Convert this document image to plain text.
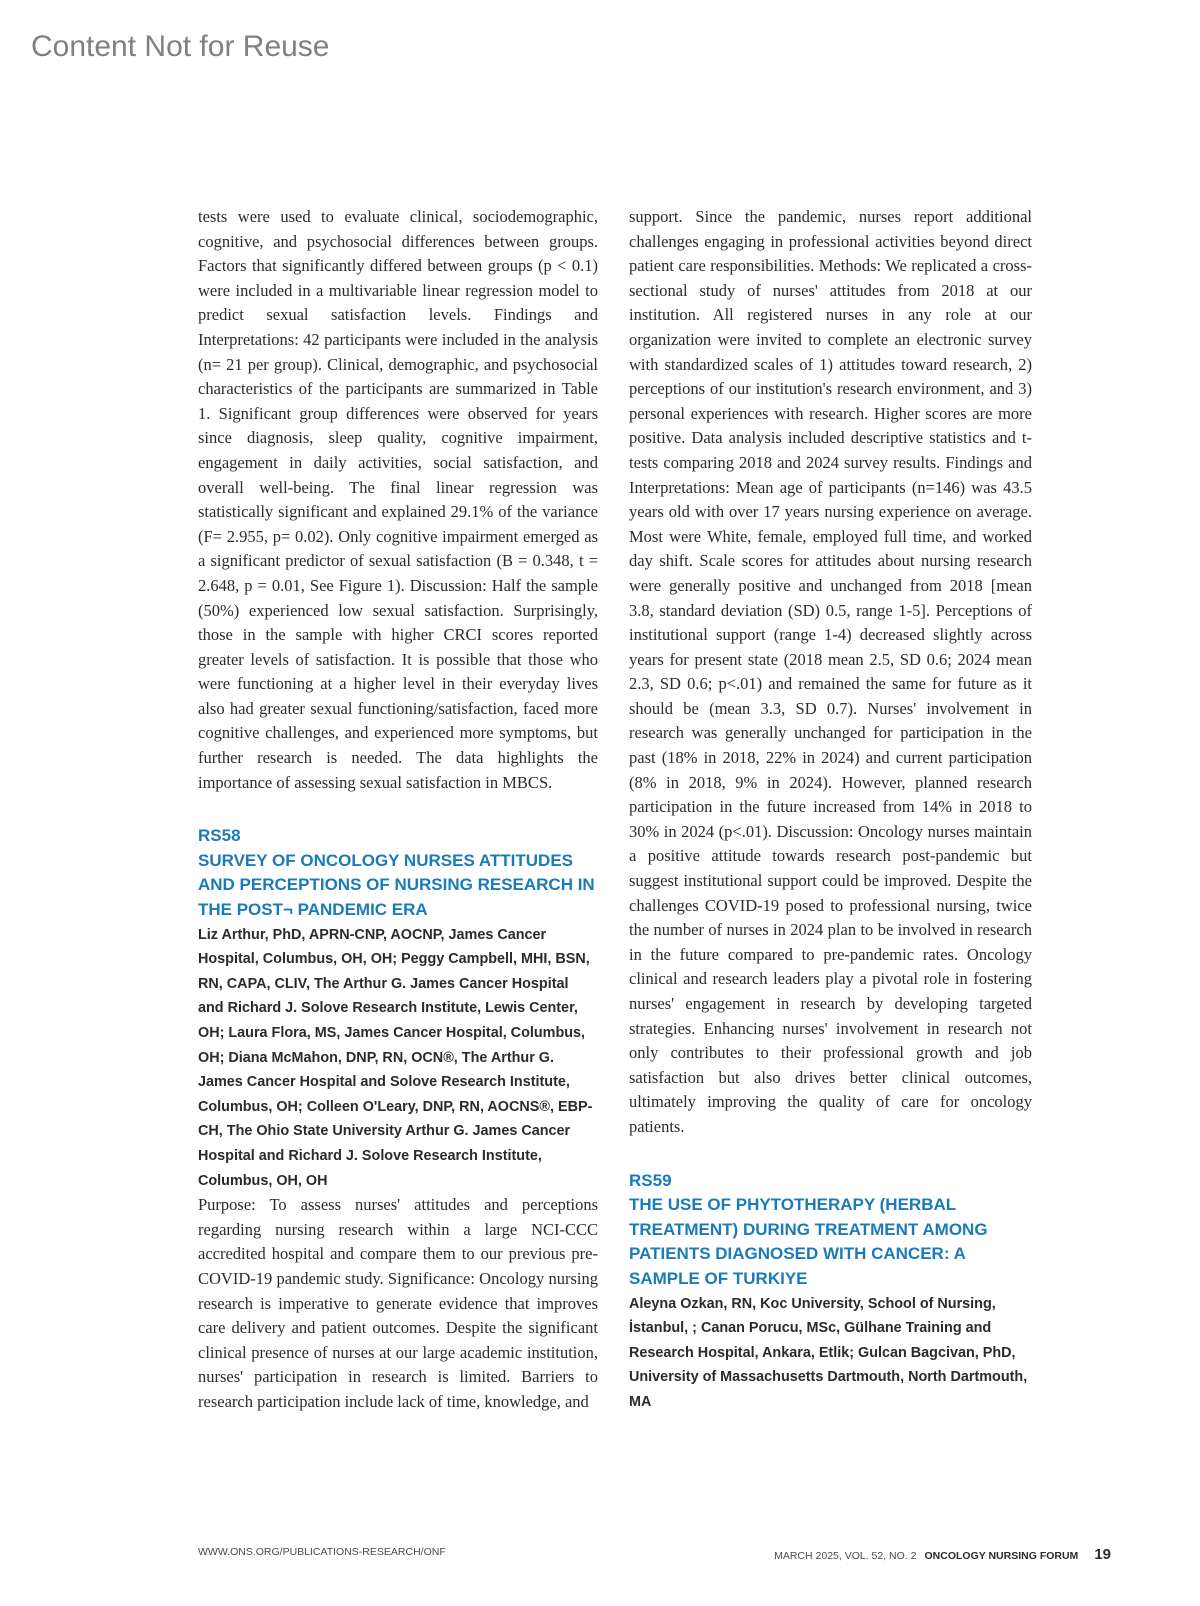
Content Not for Reuse

tests were used to evaluate clinical, sociodemographic, cognitive, and psychosocial differences between groups. Factors that significantly differed between groups (p < 0.1) were included in a multivariable linear regression model to predict sexual satisfaction levels. Findings and Interpretations: 42 participants were included in the analysis (n= 21 per group). Clinical, demographic, and psychosocial characteristics of the participants are summarized in Table 1. Significant group differences were observed for years since diagnosis, sleep quality, cognitive impairment, engagement in daily activities, social satisfaction, and overall well-being. The final linear regression was statistically significant and explained 29.1% of the variance (F= 2.955, p= 0.02). Only cognitive impairment emerged as a significant predictor of sexual satisfaction (B = 0.348, t = 2.648, p = 0.01, See Figure 1). Discussion: Half the sample (50%) experienced low sexual satisfaction. Surprisingly, those in the sample with higher CRCI scores reported greater levels of satisfaction. It is possible that those who were functioning at a higher level in their everyday lives also had greater sexual functioning/satisfaction, faced more cognitive challenges, and experienced more symptoms, but further research is needed. The data highlights the importance of assessing sexual satisfaction in MBCS.

RS58
SURVEY OF ONCOLOGY NURSES ATTITUDES AND PERCEPTIONS OF NURSING RESEARCH IN THE POST¬ PANDEMIC ERA
Liz Arthur, PhD, APRN-CNP, AOCNP, James Cancer Hospital, Columbus, OH, OH; Peggy Campbell, MHI, BSN, RN, CAPA, CLIV, The Arthur G. James Cancer Hospital and Richard J. Solove Research Institute, Lewis Center, OH; Laura Flora, MS, James Cancer Hospital, Columbus, OH; Diana McMahon, DNP, RN, OCN®, The Arthur G. James Cancer Hospital and Solove Research Institute, Columbus, OH; Colleen O'Leary, DNP, RN, AOCNS®, EBP-CH, The Ohio State University Arthur G. James Cancer Hospital and Richard J. Solove Research Institute, Columbus, OH, OH

Purpose: To assess nurses' attitudes and perceptions regarding nursing research within a large NCI-CCC accredited hospital and compare them to our previous pre- COVID-19 pandemic study. Significance: Oncology nursing research is imperative to generate evidence that improves care delivery and patient outcomes. Despite the significant clinical presence of nurses at our large academic institution, nurses' participation in research is limited. Barriers to research participation include lack of time, knowledge, and

support. Since the pandemic, nurses report additional challenges engaging in professional activities beyond direct patient care responsibilities. Methods: We replicated a cross-sectional study of nurses' attitudes from 2018 at our institution. All registered nurses in any role at our organization were invited to complete an electronic survey with standardized scales of 1) attitudes toward research, 2) perceptions of our institution's research environment, and 3) personal experiences with research. Higher scores are more positive. Data analysis included descriptive statistics and t-tests comparing 2018 and 2024 survey results. Findings and Interpretations: Mean age of participants (n=146) was 43.5 years old with over 17 years nursing experience on average. Most were White, female, employed full time, and worked day shift. Scale scores for attitudes about nursing research were generally positive and unchanged from 2018 [mean 3.8, standard deviation (SD) 0.5, range 1-5]. Perceptions of institutional support (range 1-4) decreased slightly across years for present state (2018 mean 2.5, SD 0.6; 2024 mean 2.3, SD 0.6; p<.01) and remained the same for future as it should be (mean 3.3, SD 0.7). Nurses' involvement in research was generally unchanged for participation in the past (18% in 2018, 22% in 2024) and current participation (8% in 2018, 9% in 2024). However, planned research participation in the future increased from 14% in 2018 to 30% in 2024 (p<.01). Discussion: Oncology nurses maintain a positive attitude towards research post-pandemic but suggest institutional support could be improved. Despite the challenges COVID-19 posed to professional nursing, twice the number of nurses in 2024 plan to be involved in research in the future compared to pre-pandemic rates. Oncology clinical and research leaders play a pivotal role in fostering nurses' engagement in research by developing targeted strategies. Enhancing nurses' involvement in research not only contributes to their professional growth and job satisfaction but also drives better clinical outcomes, ultimately improving the quality of care for oncology patients.

RS59
THE USE OF PHYTOTHERAPY (HERBAL TREATMENT) DURING TREATMENT AMONG PATIENTS DIAGNOSED WITH CANCER: A SAMPLE OF TURKIYE
Aleyna Ozkan, RN, Koc University, School of Nursing, İstanbul, ; Canan Porucu, MSc, Gülhane Training and Research Hospital, Ankara, Etlik; Gulcan Bagcivan, PhD, University of Massachusetts Dartmouth, North Dartmouth, MA
WWW.ONS.ORG/PUBLICATIONS-RESEARCH/ONF	MARCH 2025, VOL. 52, NO. 2 ONCOLOGY NURSING FORUM 19
